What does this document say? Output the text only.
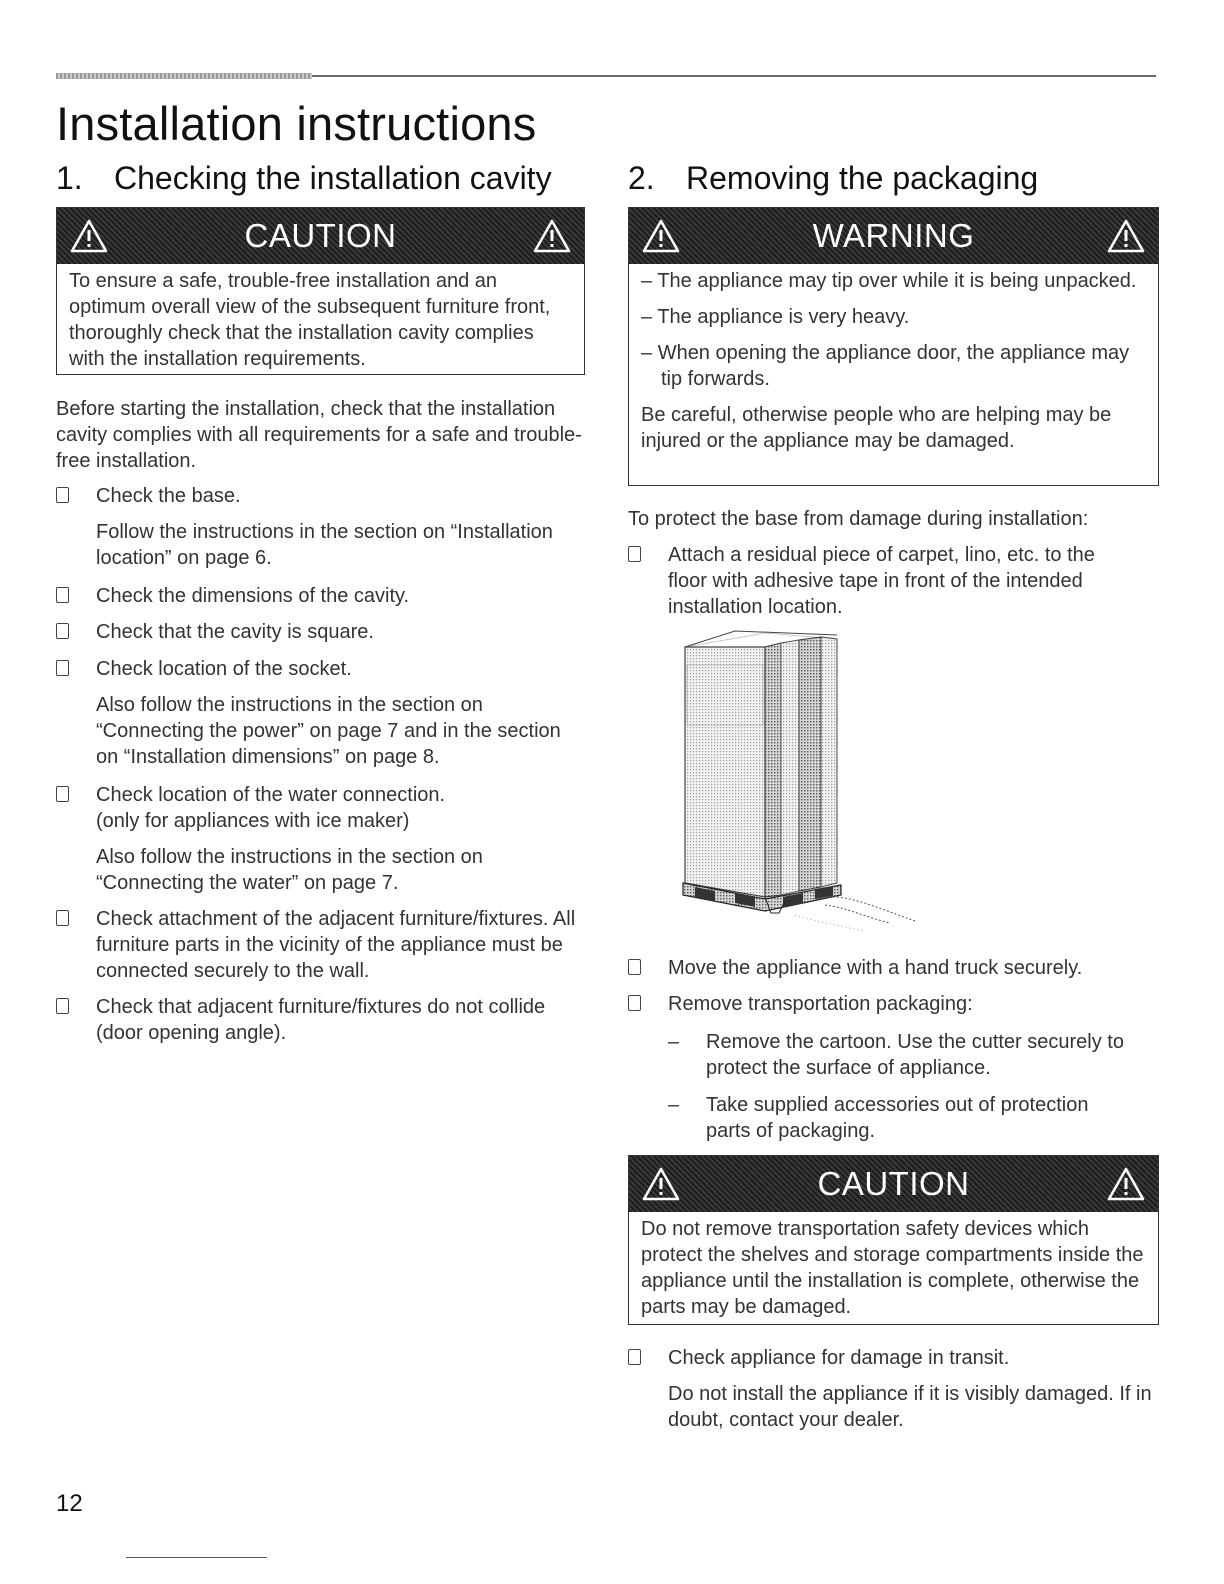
Installation instructions
1. Checking the installation cavity
CAUTION

To ensure a safe, trouble-free installation and an optimum overall view of the subsequent furniture front, thoroughly check that the installation cavity complies with the installation requirements.

Before starting the installation, check that the installation cavity complies with all requirements for a safe and trouble-free installation.

Check the base.
Follow the instructions in the section on “Installation location” on page 6.
Check the dimensions of the cavity.
Check that the cavity is square.
Check location of the socket.
Also follow the instructions in the section on “Connecting the power” on page 7 and in the section on “Installation dimensions” on page 8.
Check location of the water connection.
(only for appliances with ice maker)
Also follow the instructions in the section on “Connecting the water” on page 7.
Check attachment of the adjacent furniture/fixtures. All furniture parts in the vicinity of the appliance must be connected securely to the wall.
Check that adjacent furniture/fixtures do not collide (door opening angle).
2. Removing the packaging
WARNING

– The appliance may tip over while it is being unpacked.

– The appliance is very heavy.

– When opening the appliance door, the appliance may tip forwards.

Be careful, otherwise people who are helping may be injured or the appliance may be damaged.

To protect the base from damage during installation:

Attach a residual piece of carpet, lino, etc. to the floor with adhesive tape in front of the intended installation location.
Move the appliance with a hand truck securely.
Remove transportation packaging:
– Remove the cartoon. Use the cutter securely to protect the surface of appliance.
– Take supplied accessories out of protection parts of packaging.
CAUTION

Do not remove transportation safety devices which protect the shelves and storage compartments inside the appliance until the installation is complete, otherwise the parts may be damaged.

Check appliance for damage in transit.
Do not install the appliance if it is visibly damaged. If in doubt, contact your dealer.
12
